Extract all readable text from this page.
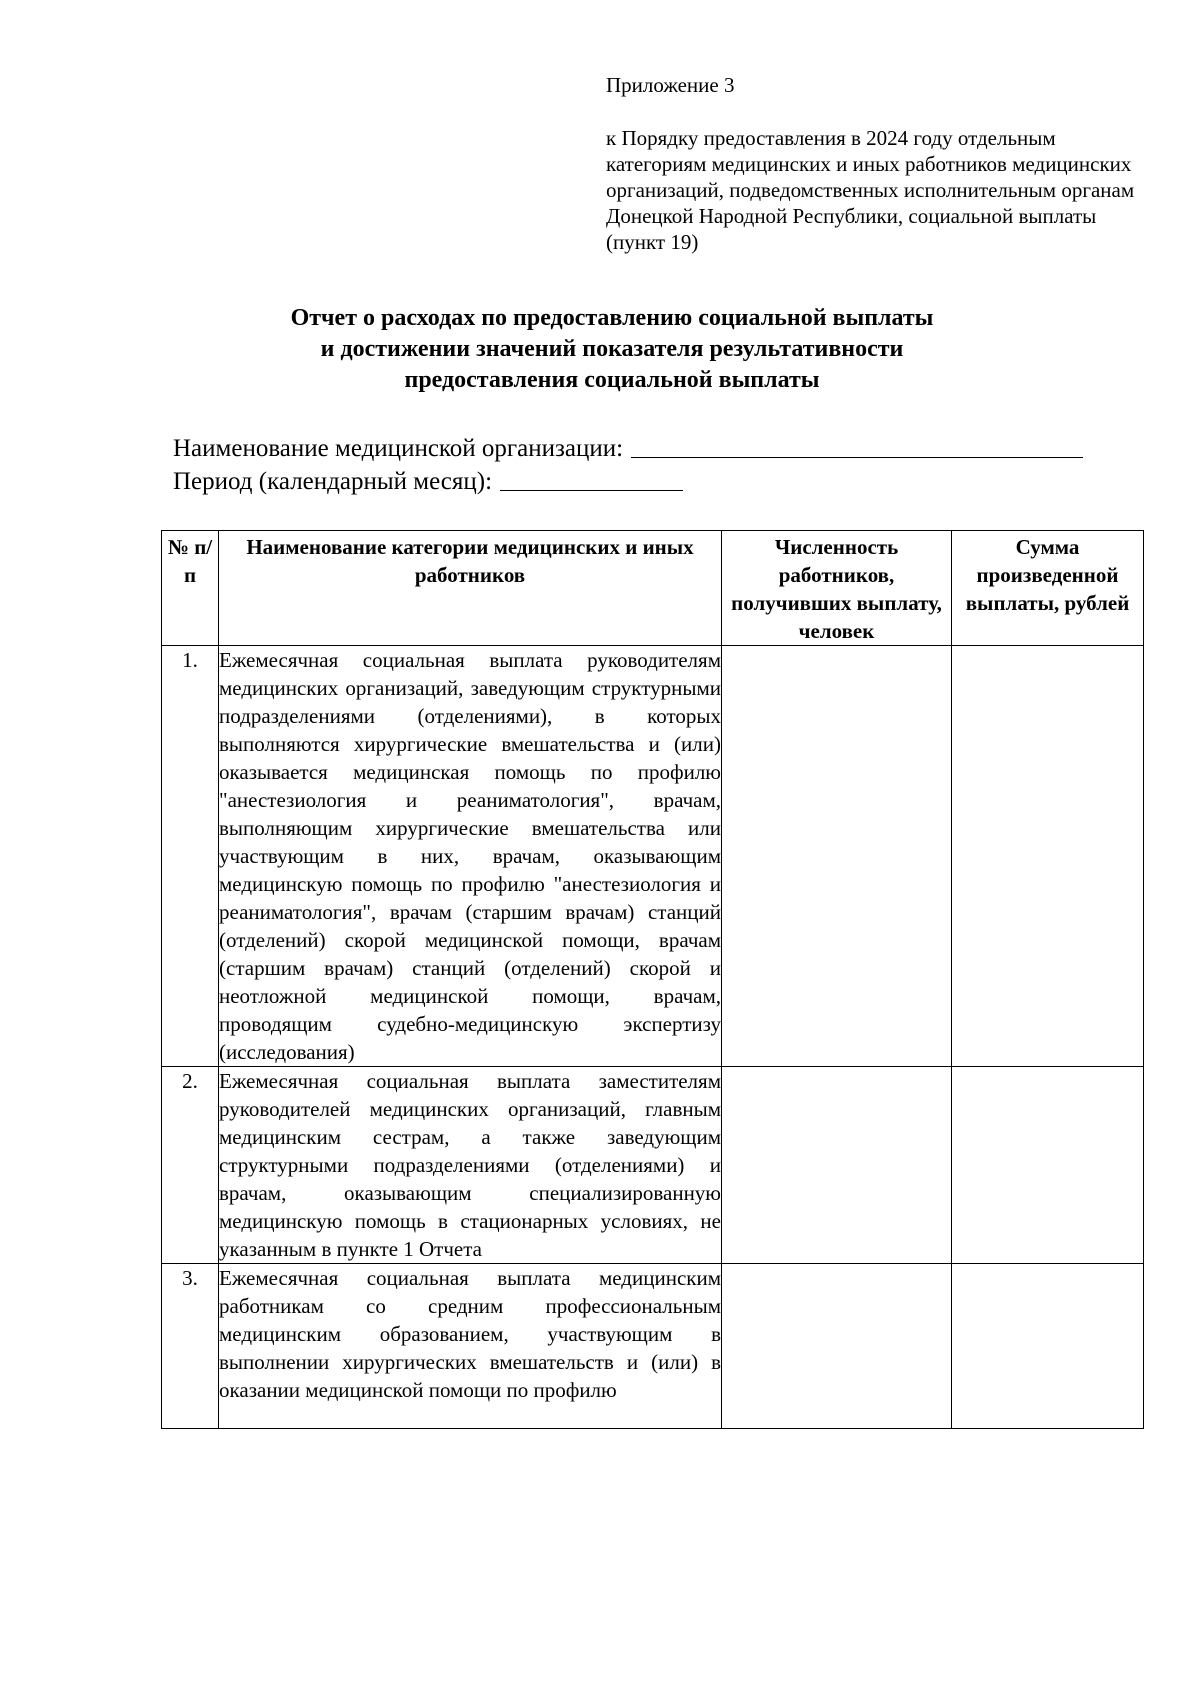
Приложение 3

к Порядку предоставления в 2024 году отдельным категориям медицинских и иных работников медицинских организаций, подведомственных исполнительным органам Донецкой Народной Республики, социальной выплаты (пункт 19)

Отчет о расходах по предоставлению социальной выплаты
и достижении значений показателя результативности
предоставления социальной выплаты
Наименование медицинской организации:
Период (календарный месяц):
№ п/п	Наименование категории медицинских и иных работников	Численность работников, получивших выплату, человек	Сумма произведенной выплаты, рублей
1.	Ежемесячная социальная выплата руководителям медицинских организаций, заведующим структурными подразделениями (отделениями), в которых выполняются хирургические вмешательства и (или) оказывается медицинская помощь по профилю "анестезиология и реаниматология", врачам, выполняющим хирургические вмешательства или участвующим в них, врачам, оказывающим медицинскую помощь по профилю "анестезиология и реаниматология", врачам (старшим врачам) станций (отделений) скорой медицинской помощи, врачам (старшим врачам) станций (отделений) скорой и неотложной медицинской помощи, врачам, проводящим судебно-медицинскую экспертизу (исследования)		
2.	Ежемесячная социальная выплата заместителям руководителей медицинских организаций, главным медицинским сестрам, а также заведующим структурными подразделениями (отделениями) и врачам, оказывающим специализированную медицинскую помощь в стационарных условиях, не указанным в пункте 1 Отчета		
3.	Ежемесячная социальная выплата медицинским работникам со средним профессиональным медицинским образованием, участвующим в выполнении хирургических вмешательств и (или) в оказании медицинской помощи по профилю		
